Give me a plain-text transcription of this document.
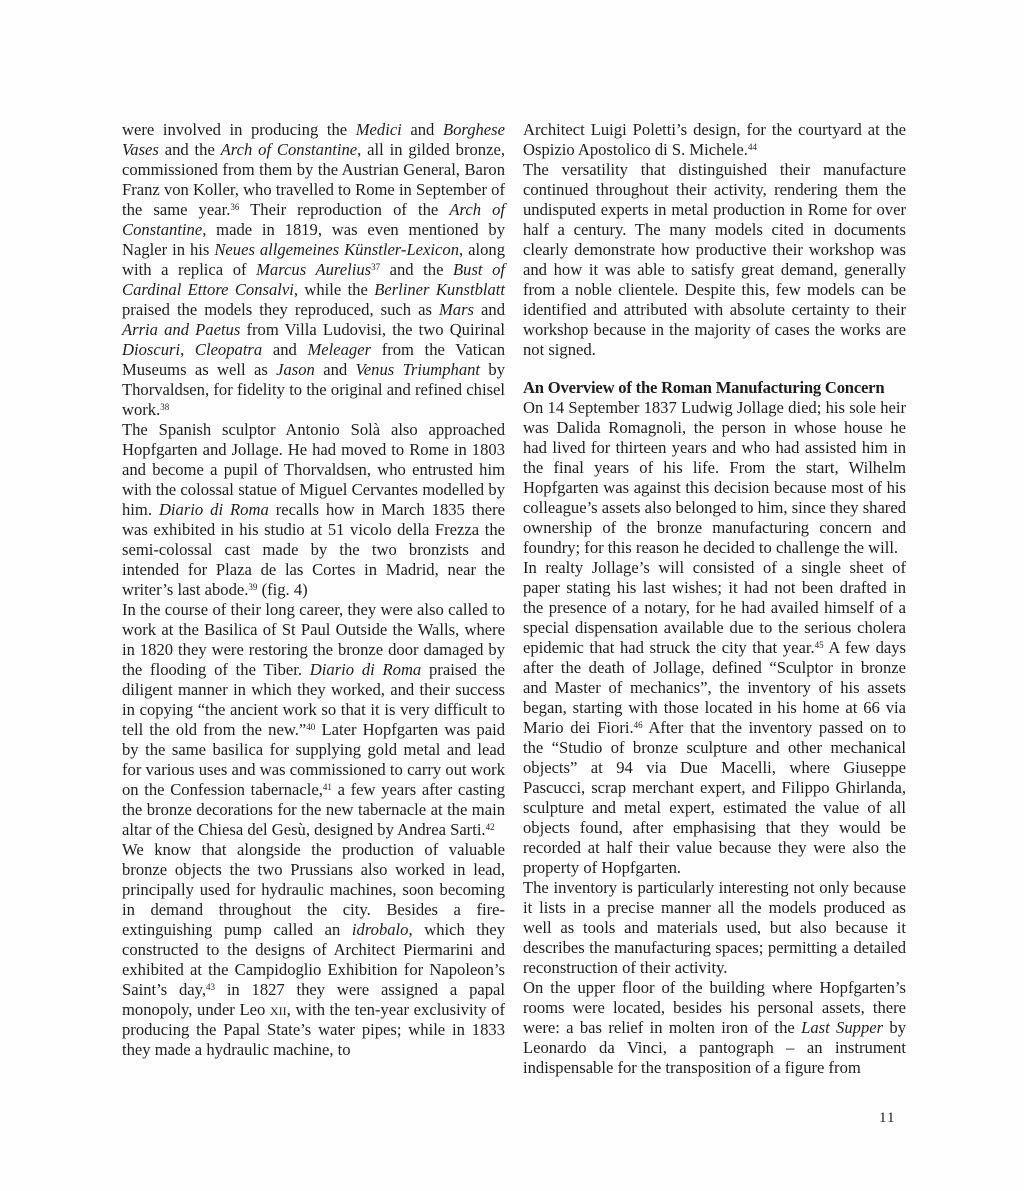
were involved in producing the Medici and Borghese Vases and the Arch of Constantine, all in gilded bronze, commissioned from them by the Austrian General, Baron Franz von Koller, who travelled to Rome in September of the same year.$^{36}$ Their reproduction of the Arch of Constantine, made in 1819, was even mentioned by Nagler in his Neues allgemeines Künstler-Lexicon, along with a replica of Marcus Aurelius$^{37}$ and the Bust of Cardinal Ettore Consalvi, while the Berliner Kunstblatt praised the models they reproduced, such as Mars and Arria and Paetus from Villa Ludovisi, the two Quirinal Dioscuri, Cleopatra and Meleager from the Vatican Museums as well as Jason and Venus Triumphant by Thorvaldsen, for fidelity to the original and refined chisel work.$^{38}$

The Spanish sculptor Antonio Solà also approached Hopfgarten and Jollage. He had moved to Rome in 1803 and become a pupil of Thorvaldsen, who entrusted him with the colossal statue of Miguel Cervantes modelled by him. Diario di Roma recalls how in March 1835 there was exhibited in his studio at 51 vicolo della Frezza the semi-colossal cast made by the two bronzists and intended for Plaza de las Cortes in Madrid, near the writer’s last abode.$^{39}$ (fig. 4)

In the course of their long career, they were also called to work at the Basilica of St Paul Outside the Walls, where in 1820 they were restoring the bronze door damaged by the flooding of the Tiber. Diario di Roma praised the diligent manner in which they worked, and their success in copying “the ancient work so that it is very difficult to tell the old from the new.”$^{40}$ Later Hopfgarten was paid by the same basilica for supplying gold metal and lead for various uses and was commissioned to carry out work on the Confession tabernacle,$^{41}$ a few years after casting the bronze decorations for the new tabernacle at the main altar of the Chiesa del Gesù, designed by Andrea Sarti.$^{42}$

We know that alongside the production of valuable bronze objects the two Prussians also worked in lead, principally used for hydraulic machines, soon becoming in demand throughout the city. Besides a fire-extinguishing pump called an idrobalo, which they constructed to the designs of Architect Piermarini and exhibited at the Campidoglio Exhibition for Napoleon’s Saint’s day,$^{43}$ in 1827 they were assigned a papal monopoly, under Leo xii, with the ten-year exclusivity of producing the Papal State’s water pipes; while in 1833 they made a hydraulic machine, to

Architect Luigi Poletti’s design, for the courtyard at the Ospizio Apostolico di S. Michele.$^{44}$

The versatility that distinguished their manufacture continued throughout their activity, rendering them the undisputed experts in metal production in Rome for over half a century. The many models cited in documents clearly demonstrate how productive their workshop was and how it was able to satisfy great demand, generally from a noble clientele. Despite this, few models can be identified and attributed with absolute certainty to their workshop because in the majority of cases the works are not signed.

An Overview of the Roman Manufacturing Concern

On 14 September 1837 Ludwig Jollage died; his sole heir was Dalida Romagnoli, the person in whose house he had lived for thirteen years and who had assisted him in the final years of his life. From the start, Wilhelm Hopfgarten was against this decision because most of his colleague’s assets also belonged to him, since they shared ownership of the bronze manufacturing concern and foundry; for this reason he decided to challenge the will.

In realty Jollage’s will consisted of a single sheet of paper stating his last wishes; it had not been drafted in the presence of a notary, for he had availed himself of a special dispensation available due to the serious cholera epidemic that had struck the city that year.$^{45}$ A few days after the death of Jollage, defined “Sculptor in bronze and Master of mechanics”, the inventory of his assets began, starting with those located in his home at 66 via Mario dei Fiori.$^{46}$ After that the inventory passed on to the “Studio of bronze sculpture and other mechanical objects” at 94 via Due Macelli, where Giuseppe Pascucci, scrap merchant expert, and Filippo Ghirlanda, sculpture and metal expert, estimated the value of all objects found, after emphasising that they would be recorded at half their value because they were also the property of Hopfgarten.

The inventory is particularly interesting not only because it lists in a precise manner all the models produced as well as tools and materials used, but also because it describes the manufacturing spaces; permitting a detailed reconstruction of their activity.

On the upper floor of the building where Hopfgarten’s rooms were located, besides his personal assets, there were: a bas relief in molten iron of the Last Supper by Leonardo da Vinci, a pantograph – an instrument indispensable for the transposition of a figure from

11
